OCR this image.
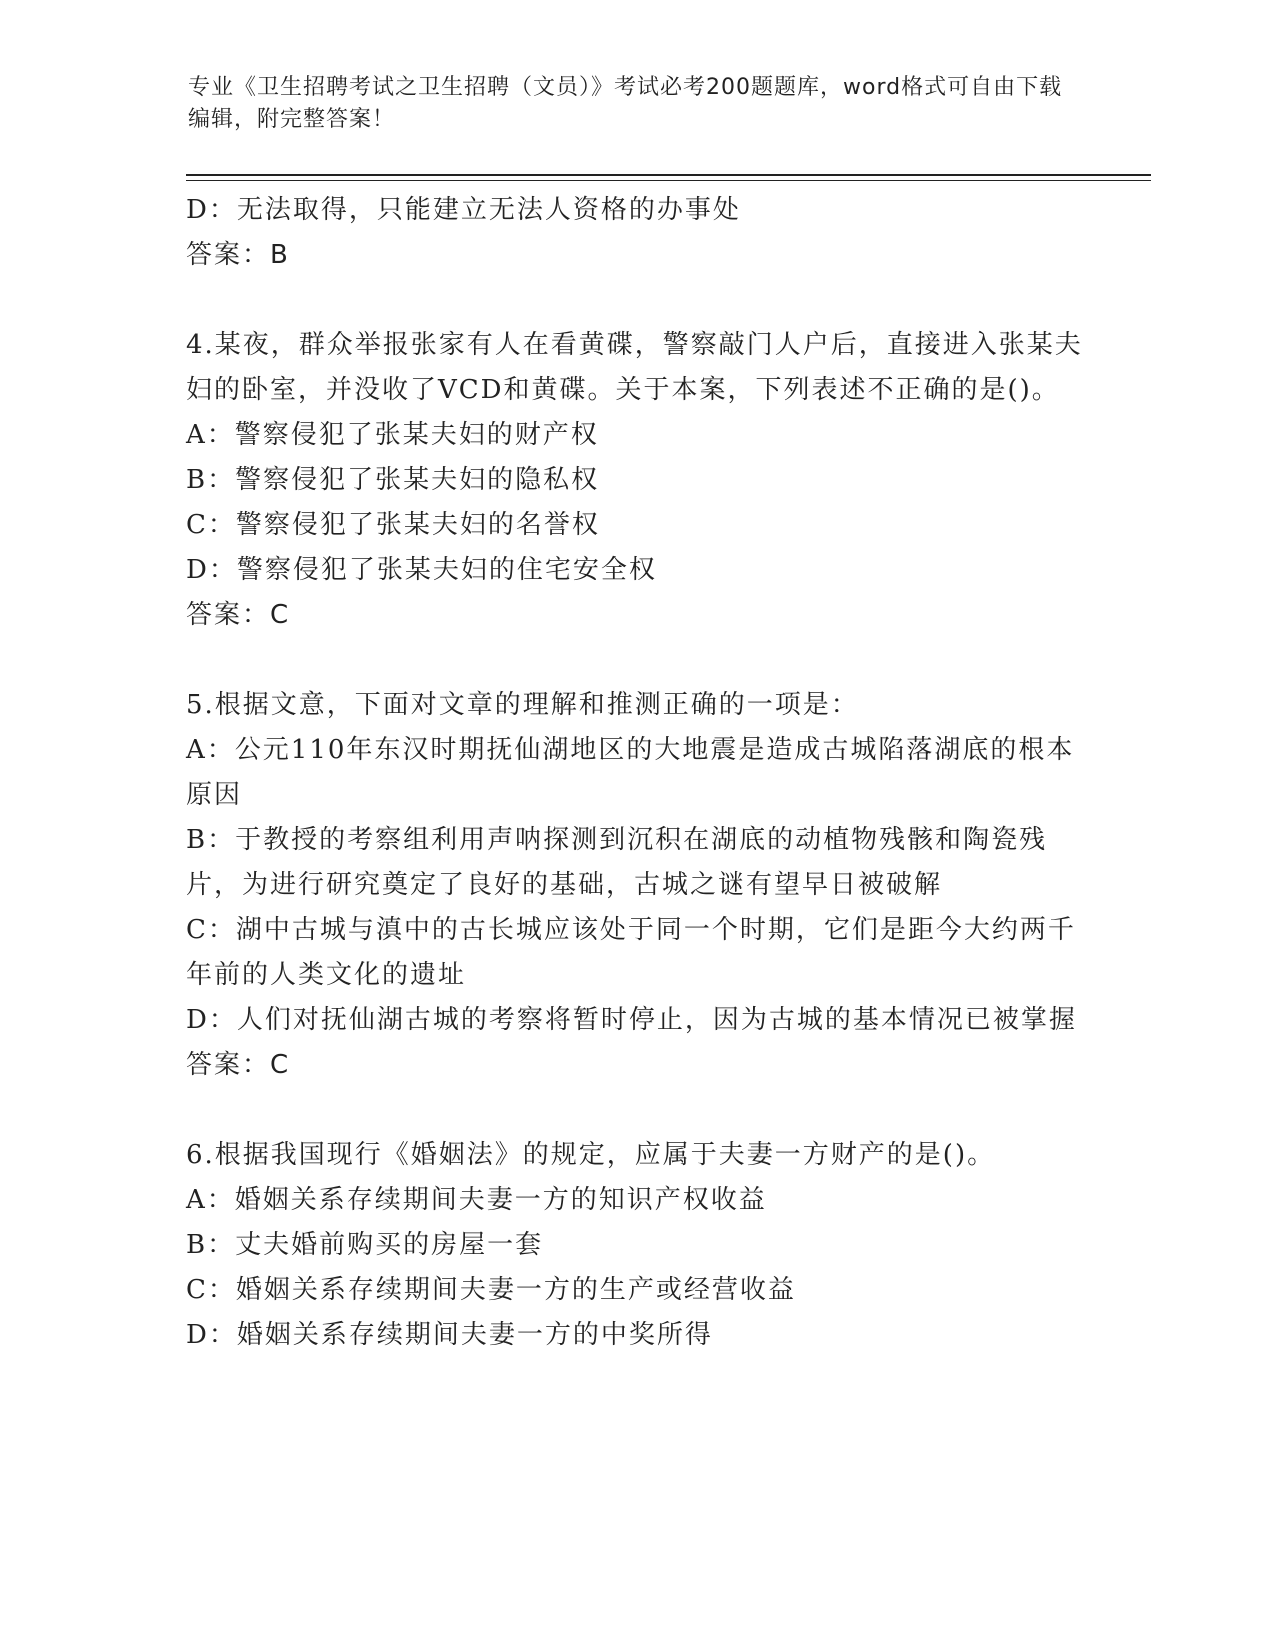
专业《卫生招聘考试之卫生招聘（文员）》考试必考200题题库，word格式可自由下载编辑，附完整答案！
D：无法取得，只能建立无法人资格的办事处
答案：B
4.某夜，群众举报张家有人在看黄碟，警察敲门人户后，直接进入张某夫妇的卧室，并没收了VCD和黄碟。关于本案，下列表述不正确的是()。
A：警察侵犯了张某夫妇的财产权
B：警察侵犯了张某夫妇的隐私权
C：警察侵犯了张某夫妇的名誉权
D：警察侵犯了张某夫妇的住宅安全权
答案：C
5.根据文意，下面对文章的理解和推测正确的一项是：
A：公元110年东汉时期抚仙湖地区的大地震是造成古城陷落湖底的根本原因
B：于教授的考察组利用声呐探测到沉积在湖底的动植物残骸和陶瓷残片，为进行研究奠定了良好的基础，古城之谜有望早日被破解
C：湖中古城与滇中的古长城应该处于同一个时期，它们是距今大约两千年前的人类文化的遗址
D：人们对抚仙湖古城的考察将暂时停止，因为古城的基本情况已被掌握
答案：C
6.根据我国现行《婚姻法》的规定，应属于夫妻一方财产的是()。
A：婚姻关系存续期间夫妻一方的知识产权收益
B：丈夫婚前购买的房屋一套
C：婚姻关系存续期间夫妻一方的生产或经营收益
D：婚姻关系存续期间夫妻一方的中奖所得
